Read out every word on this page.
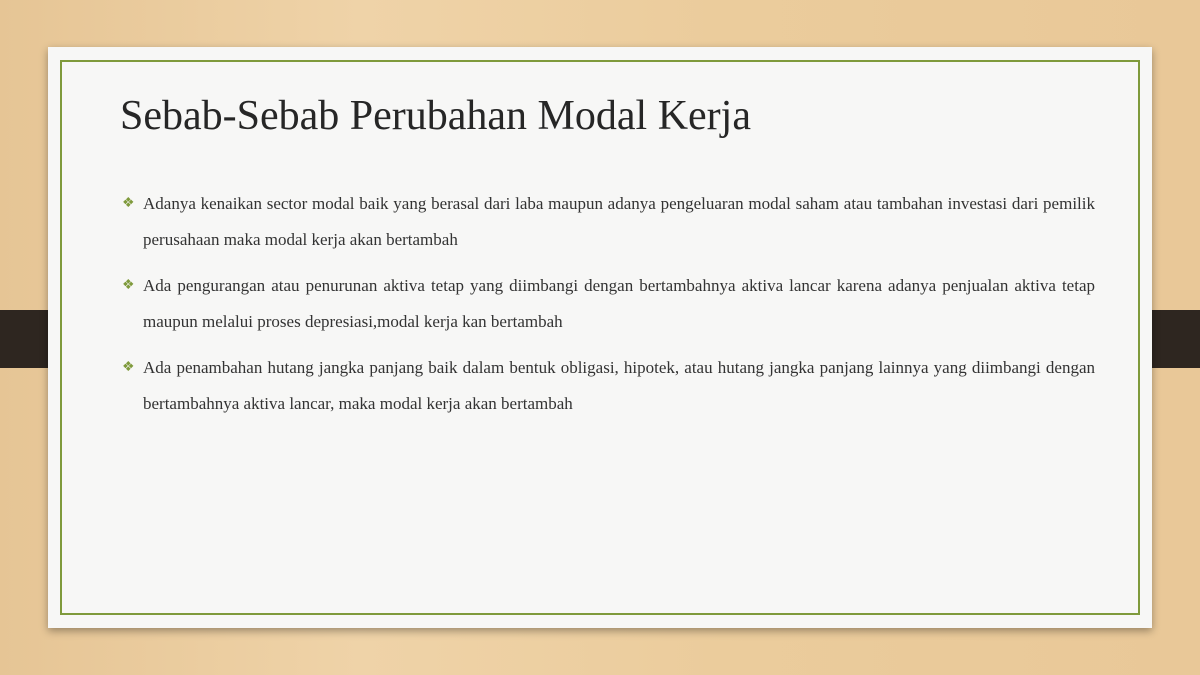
Sebab-Sebab Perubahan Modal Kerja
❖ Adanya kenaikan sector modal baik yang berasal dari laba maupun adanya pengeluaran modal saham atau tambahan investasi dari pemilik perusahaan maka modal kerja akan bertambah
❖ Ada pengurangan atau penurunan aktiva tetap yang diimbangi dengan bertambahnya aktiva lancar karena adanya penjualan aktiva tetap maupun melalui proses depresiasi,modal kerja kan bertambah
❖ Ada penambahan hutang jangka panjang baik dalam bentuk obligasi, hipotek, atau hutang jangka panjang lainnya yang diimbangi dengan bertambahnya aktiva lancar, maka modal kerja akan bertambah
